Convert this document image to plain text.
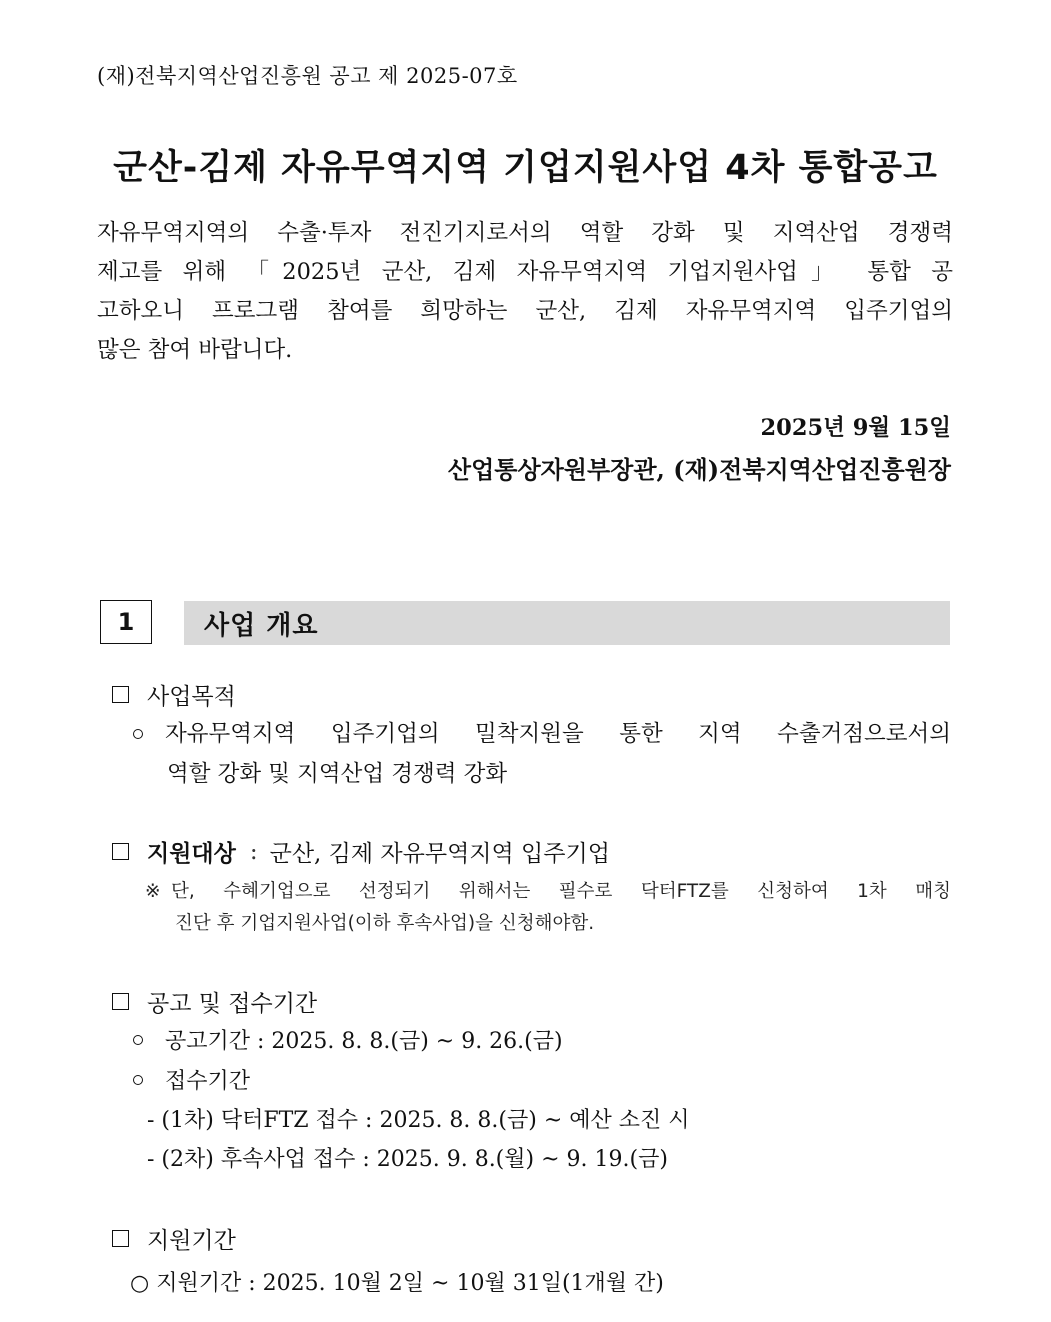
(재)전북지역산업진흥원 공고 제 2025-07호
군산-김제 자유무역지역 기업지원사업 4차 통합공고
자유무역지역의 수출·투자 전진기지로서의 역할 강화 및 지역산업 경쟁력
제고를 위해 「2025년 군산, 김제 자유무역지역 기업지원사업」 통합 공
고하오니 프로그램 참여를 희망하는 군산, 김제 자유무역지역 입주기업의
많은 참여 바랍니다.
2025년 9월 15일
산업통상자원부장관, (재)전북지역산업진흥원장
1	사업 개요
사업목적
자유무역지역 입주기업의 밀착지원을 통한 지역 수출거점으로서의
역할 강화 및 지역산업 경쟁력 강화
지원대상 : 군산, 김제 자유무역지역 입주기업
※ 단, 수혜기업으로 선정되기 위해서는 필수로 닥터FTZ를 신청하여 1차 매칭
진단 후 기업지원사업(이하 후속사업)을 신청해야함.
공고 및 접수기간
공고기간 : 2025. 8. 8.(금) ~ 9. 26.(금)
접수기간
- (1차) 닥터FTZ 접수 : 2025. 8. 8.(금) ~ 예산 소진 시
- (2차) 후속사업 접수 : 2025. 9. 8.(월) ~ 9. 19.(금)
지원기간
○ 지원기간 : 2025. 10월 2일 ~ 10월 31일(1개월 간)
